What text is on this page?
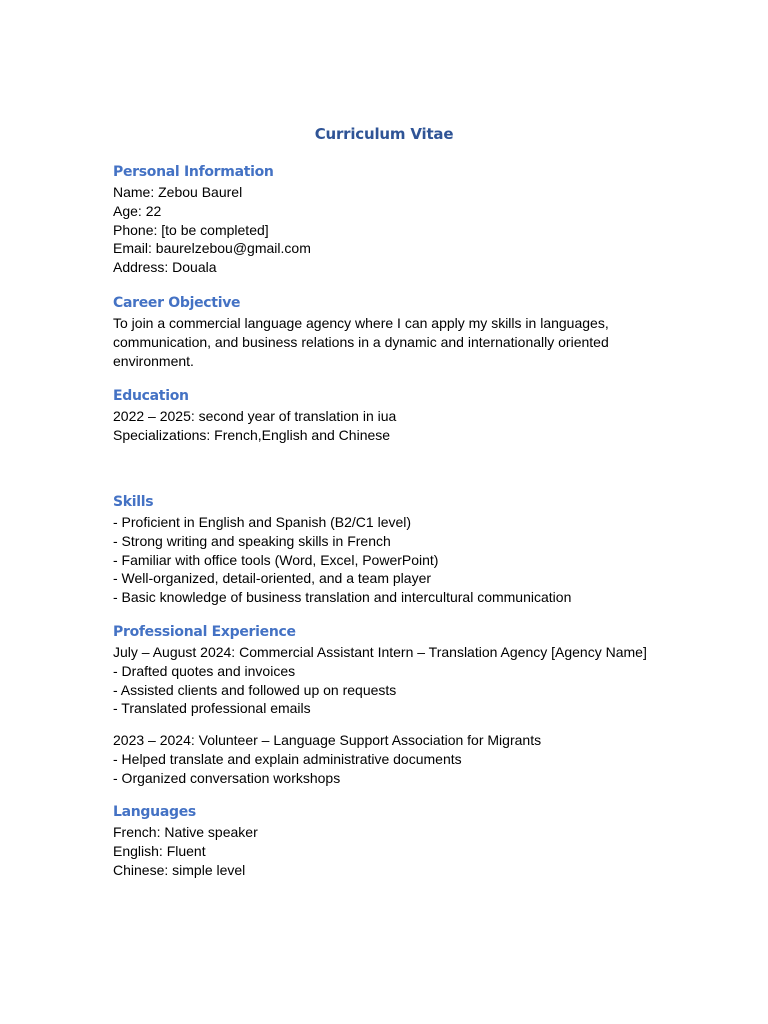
Curriculum Vitae
Personal Information
Name: Zebou Baurel
Age: 22
Phone: [to be completed]
Email: baurelzebou@gmail.com
Address: Douala
Career Objective
To join a commercial language agency where I can apply my skills in languages, communication, and business relations in a dynamic and internationally oriented environment.
Education
2022 – 2025: second year of translation in iua
Specializations: French,English and Chinese
Skills
- Proficient in English and Spanish (B2/C1 level)
- Strong writing and speaking skills in French
- Familiar with office tools (Word, Excel, PowerPoint)
- Well-organized, detail-oriented, and a team player
- Basic knowledge of business translation and intercultural communication
Professional Experience
July – August 2024: Commercial Assistant Intern – Translation Agency [Agency Name]
- Drafted quotes and invoices
- Assisted clients and followed up on requests
- Translated professional emails
2023 – 2024: Volunteer – Language Support Association for Migrants
- Helped translate and explain administrative documents
- Organized conversation workshops
Languages
French: Native speaker
English: Fluent
Chinese: simple level
